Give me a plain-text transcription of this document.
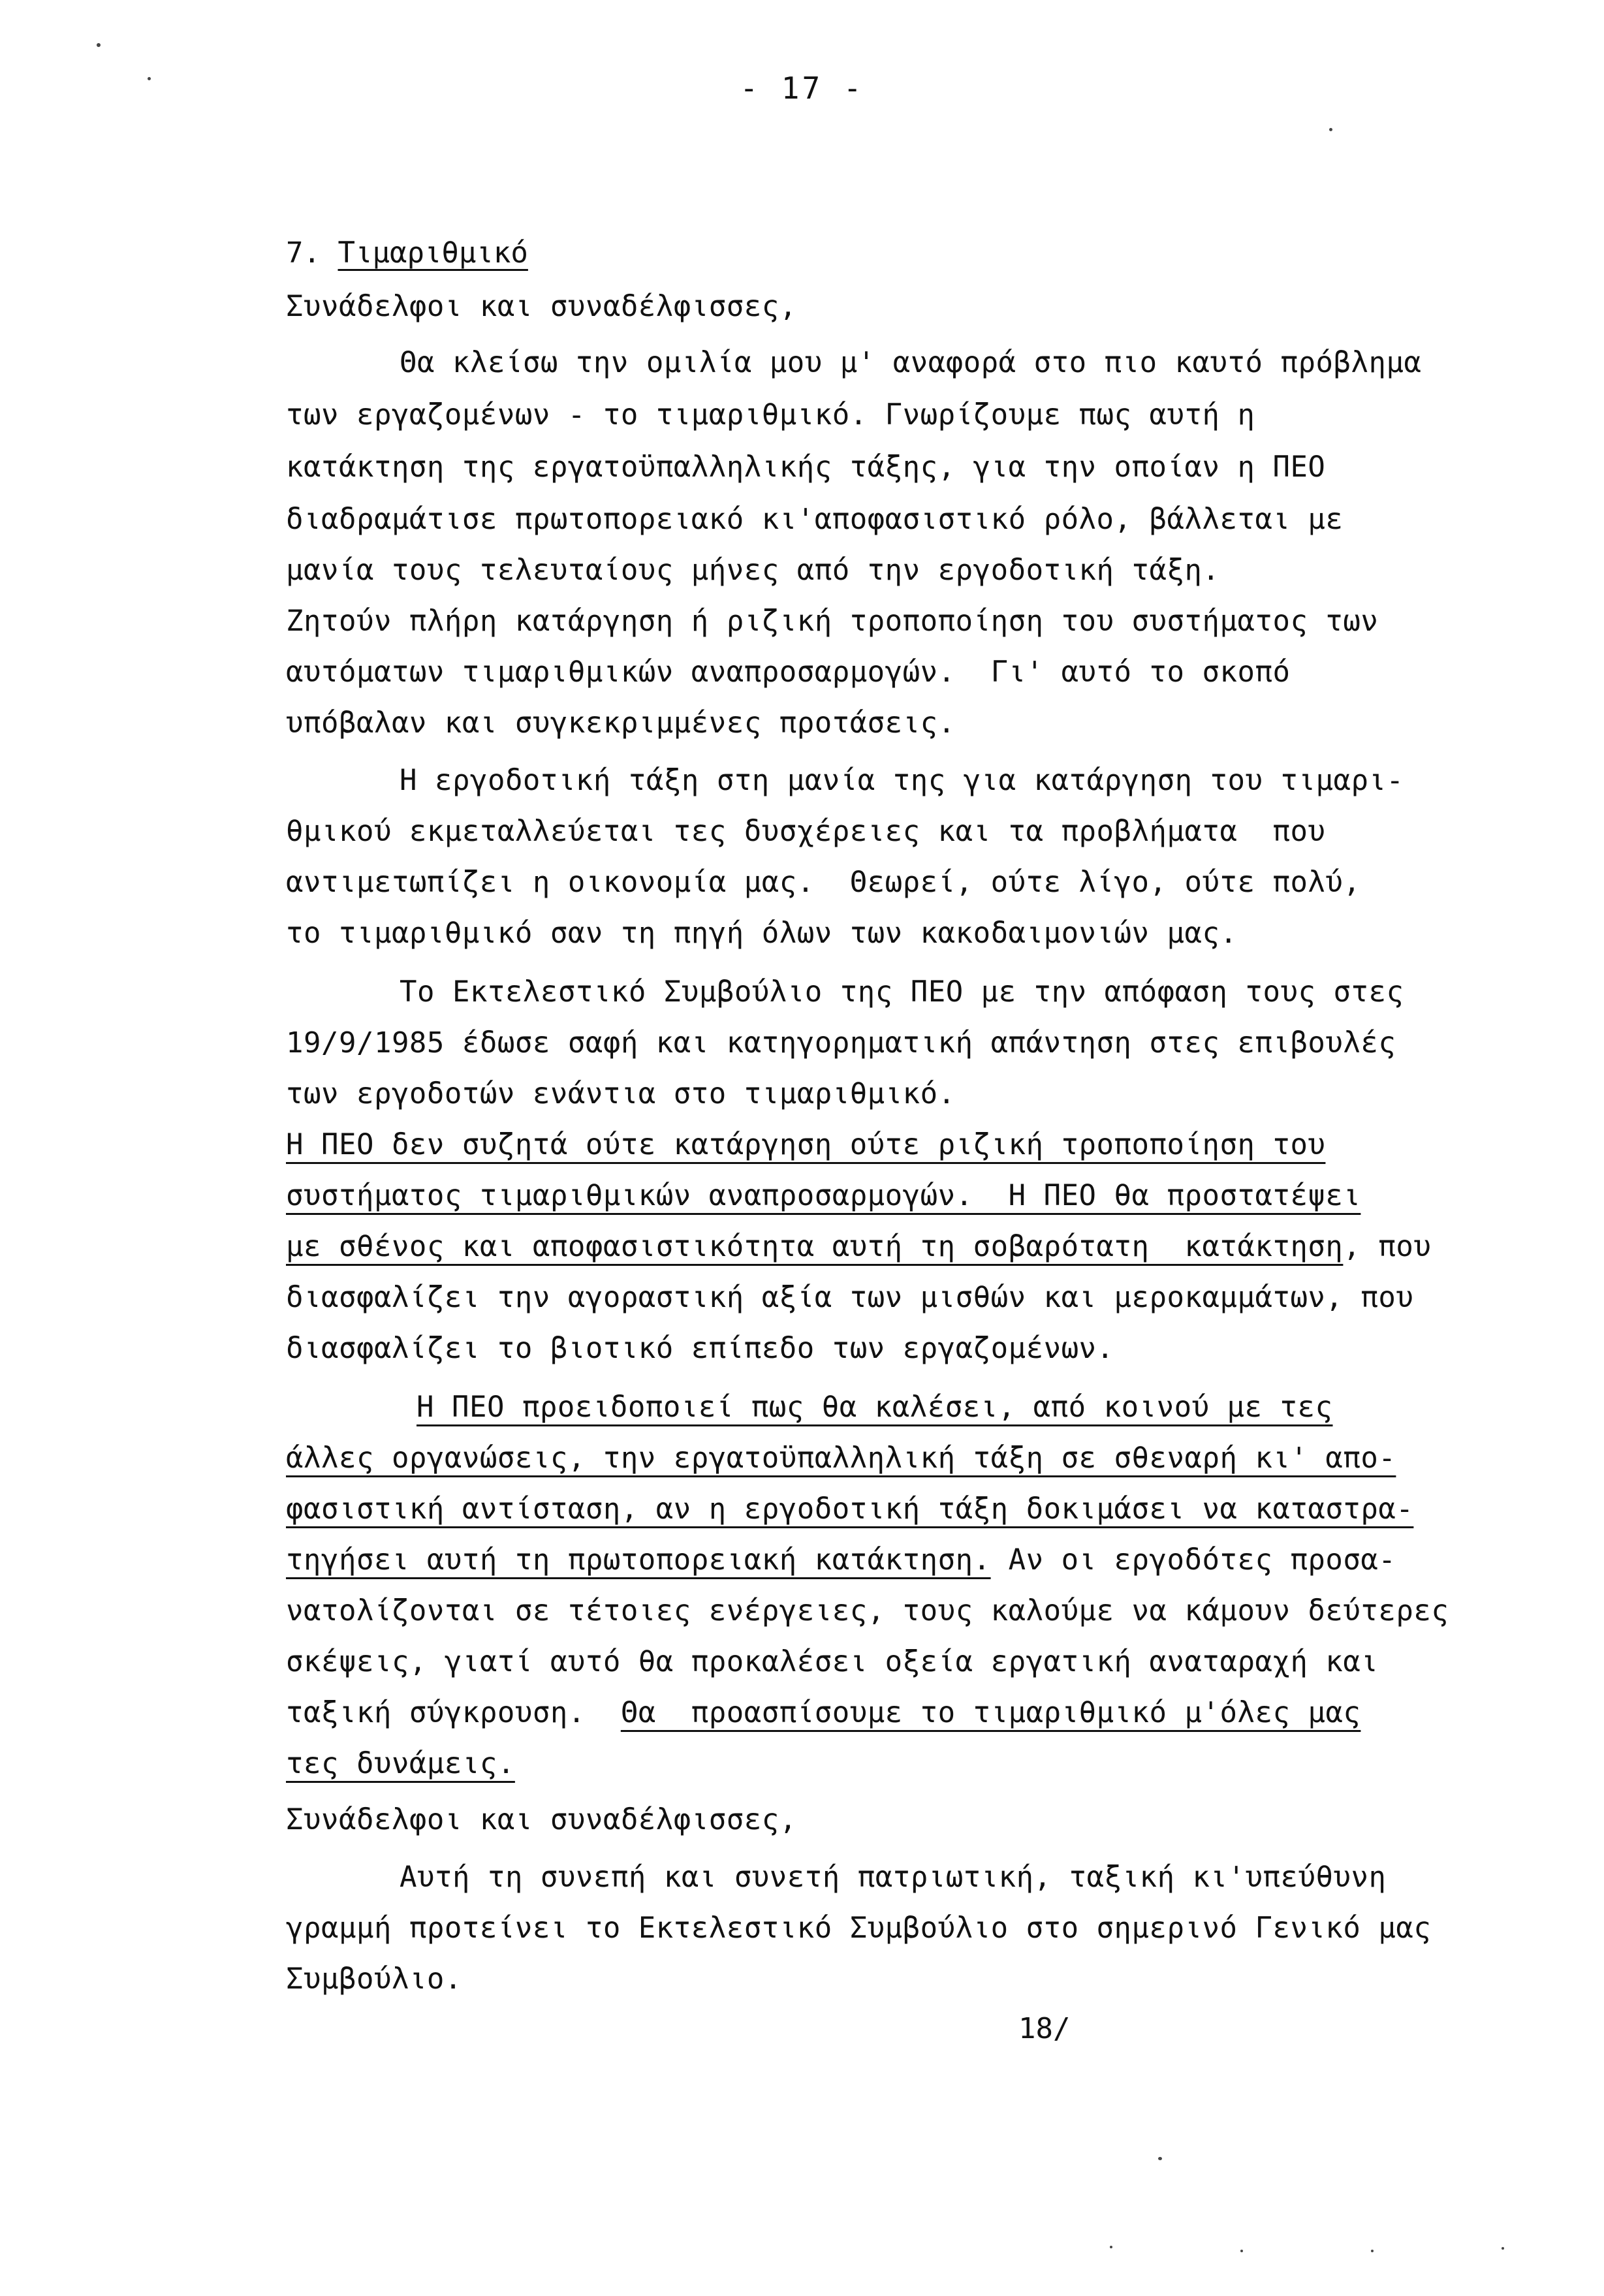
- 17 -
7. Τιμαριθμικό
Συνάδελφοι και συναδέλφισσες,
Θα κλείσω την ομιλία μου μ' αναφορά στο πιο καυτό πρόβλημα
των εργαζομένων - το τιμαριθμικό. Γνωρίζουμε πως αυτή η
κατάκτηση της εργατοϋπαλληλικής τάξης, για την οποίαν η ΠΕΟ
διαδραμάτισε πρωτοπορειακό κι'αποφασιστικό ρόλο, βάλλεται με
μανία τους τελευταίους μήνες από την εργοδοτική τάξη.
Ζητούν πλήρη κατάργηση ή ριζική τροποποίηση του συστήματος των
αυτόματων τιμαριθμικών αναπροσαρμογών.  Γι' αυτό το σκοπό
υπόβαλαν και συγκεκριμμένες προτάσεις.
Η εργοδοτική τάξη στη μανία της για κατάργηση του τιμαρι-
θμικού εκμεταλλεύεται τες δυσχέρειες και τα προβλήματα  που
αντιμετωπίζει η οικονομία μας.  Θεωρεί, ούτε λίγο, ούτε πολύ,
το τιμαριθμικό σαν τη πηγή όλων των κακοδαιμονιών μας.
Το Εκτελεστικό Συμβούλιο της ΠΕΟ με την απόφαση τους στες
19/9/1985 έδωσε σαφή και κατηγορηματική απάντηση στες επιβουλές
των εργοδοτών ενάντια στο τιμαριθμικό.
Η ΠΕΟ δεν συζητά ούτε κατάργηση ούτε ριζική τροποποίηση του
συστήματος τιμαριθμικών αναπροσαρμογών.  Η ΠΕΟ θα προστατέψει
με σθένος και αποφασιστικότητα αυτή τη σοβαρότατη  κατάκτηση, που
διασφαλίζει την αγοραστική αξία των μισθών και μεροκαμμάτων, που
διασφαλίζει το βιοτικό επίπεδο των εργαζομένων.
Η ΠΕΟ προειδοποιεί πως θα καλέσει, από κοινού με τες
άλλες οργανώσεις, την εργατοϋπαλληλική τάξη σε σθεναρή κι' απο-
φασιστική αντίσταση, αν η εργοδοτική τάξη δοκιμάσει να καταστρα-
τηγήσει αυτή τη πρωτοπορειακή κατάκτηση. Αν οι εργοδότες προσα-
νατολίζονται σε τέτοιες ενέργειες, τους καλούμε να κάμουν δεύτερες
σκέψεις, γιατί αυτό θα προκαλέσει οξεία εργατική αναταραχή και
ταξική σύγκρουση.  Θα  προασπίσουμε το τιμαριθμικό μ'όλες μας
τες δυνάμεις.
Συνάδελφοι και συναδέλφισσες,
Αυτή τη συνεπή και συνετή πατριωτική, ταξική κι'υπεύθυνη
γραμμή προτείνει το Εκτελεστικό Συμβούλιο στο σημερινό Γενικό μας
Συμβούλιο.
18/
